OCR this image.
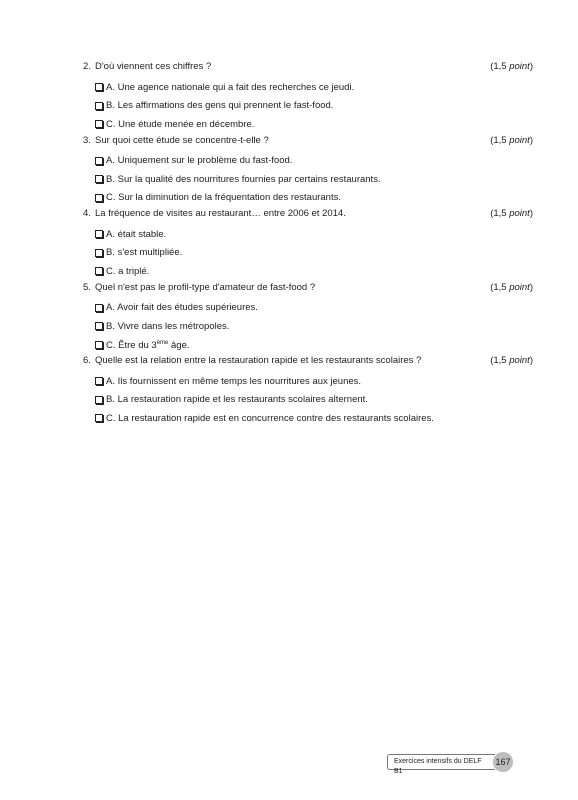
2. D'où viennent ces chiffres ?	(1,5 point)
A. Une agence nationale qui a fait des recherches ce jeudi.
B. Les affirmations des gens qui prennent le fast-food.
C. Une étude menée en décembre.
3. Sur quoi cette étude se concentre-t-elle ?	(1,5 point)
A. Uniquement sur le problème du fast-food.
B. Sur la qualité des nourritures fournies par certains restaurants.
C. Sur la diminution de la fréquentation des restaurants.
4. La fréquence de visites au restaurant… entre 2006 et 2014.	(1,5 point)
A. était stable.
B. s'est multipliée.
C. a triplé.
5. Quel n'est pas le profil-type d'amateur de fast-food ?	(1,5 point)
A. Avoir fait des études supérieures.
B. Vivre dans les métropoles.
C. Être du 3ème âge.
6. Quelle est la relation entre la restauration rapide et les restaurants scolaires ?	(1,5 point)
A. Ils fournissent en même temps les nourritures aux jeunes.
B. La restauration rapide et les restaurants scolaires alternent.
C. La restauration rapide est en concurrence contre des restaurants scolaires.
Exercices intensifs du DELF B1
167
